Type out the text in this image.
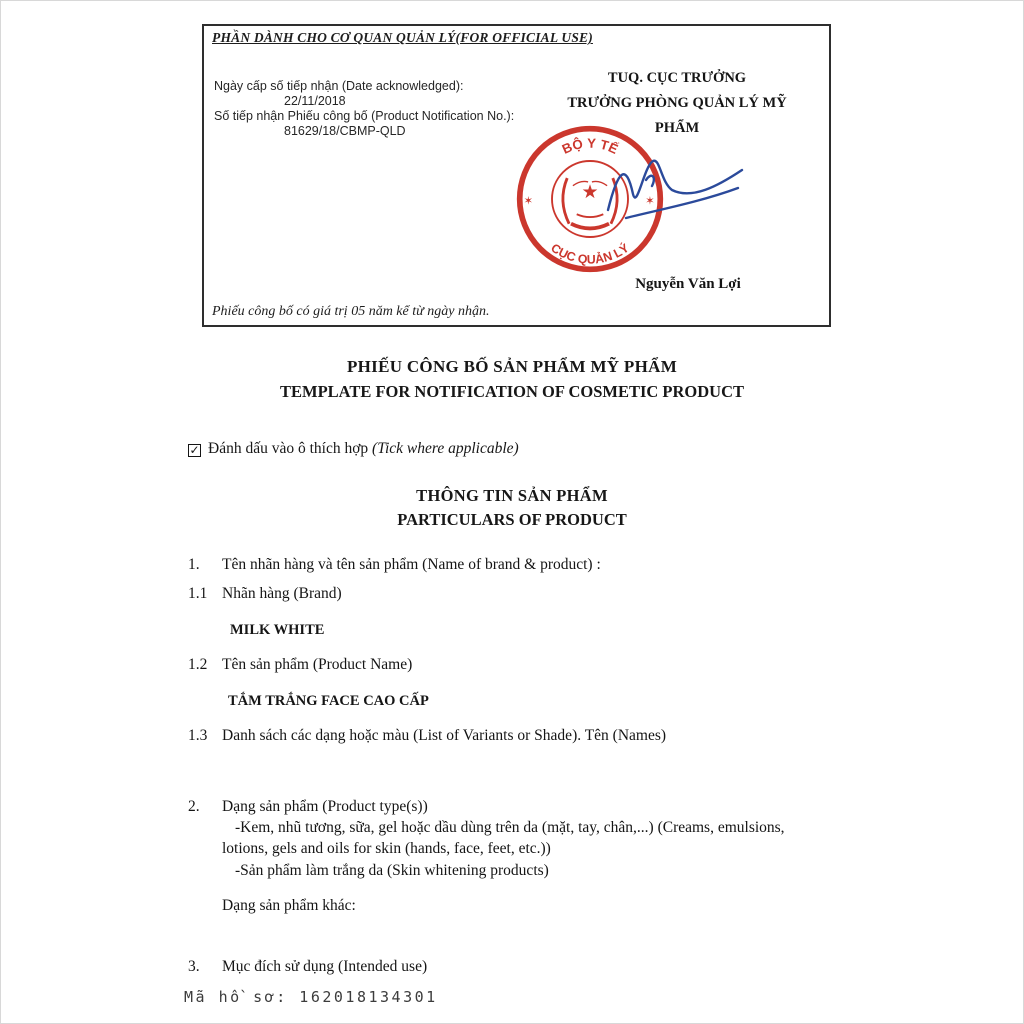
PHẦN DÀNH CHO CƠ QUAN QUẢN LÝ(FOR OFFICIAL USE)
Ngày cấp số tiếp nhận (Date acknowledged):
22/11/2018
Số tiếp nhận Phiếu công bố (Product Notification No.):
81629/18/CBMP-QLD
TUQ. CỤC TRƯỞNG
TRƯỞNG PHÒNG QUẢN LÝ MỸ PHẨM
BỘ Y TẾ
CỤC QUẢN LÝ
✶	✶
★
Nguyễn Văn Lợi
Phiếu công bố có giá trị 05 năm kể từ ngày nhận.
PHIẾU CÔNG BỐ SẢN PHẨM MỸ PHẨM
TEMPLATE FOR NOTIFICATION OF COSMETIC PRODUCT
✓ Đánh dấu vào ô thích hợp (Tick where applicable)
THÔNG TIN SẢN PHẨM
PARTICULARS OF PRODUCT
1. Tên nhãn hàng và tên sản phẩm (Name of brand & product) :
1.1 Nhãn hàng (Brand)
MILK WHITE
1.2 Tên sản phẩm (Product Name)
TẮM TRẮNG FACE CAO CẤP
1.3 Danh sách các dạng hoặc màu (List of Variants or Shade). Tên (Names)
2. Dạng sản phẩm (Product type(s))
-Kem, nhũ tương, sữa, gel hoặc dầu dùng trên da (mặt, tay, chân,...) (Creams, emulsions, lotions, gels and oils for skin (hands, face, feet, etc.))
-Sản phẩm làm trắng da (Skin whitening products)
Dạng sản phẩm khác:
3. Mục đích sử dụng (Intended use)
Mã hồ sơ: 162018134301
